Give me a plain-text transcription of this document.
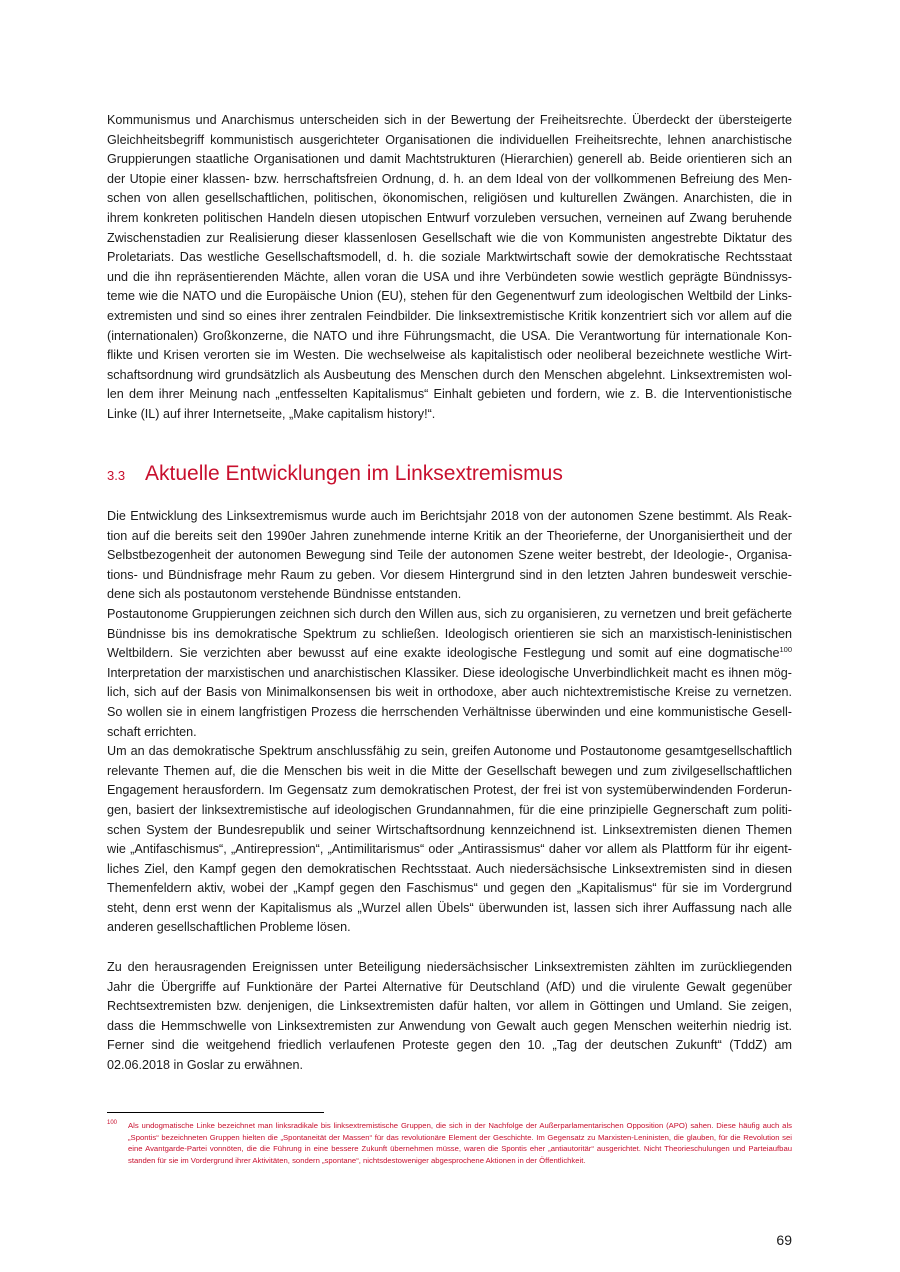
Kommunismus und Anarchismus unterscheiden sich in der Bewertung der Freiheitsrechte. Überdeckt der übersteigerte
Gleichheitsbegriff kommunistisch ausgerichteter Organisationen die individuellen Freiheitsrechte, lehnen anarchistische
Gruppierungen staatliche Organisationen und damit Machtstrukturen (Hierarchien) generell ab. Beide orientieren sich an
der Utopie einer klassen- bzw. herrschaftsfreien Ordnung, d. h. an dem Ideal von der vollkommenen Befreiung des Men-
schen von allen gesellschaftlichen, politischen, ökonomischen, religiösen und kulturellen Zwängen. Anarchisten, die in
ihrem konkreten politischen Handeln diesen utopischen Entwurf vorzuleben versuchen, verneinen auf Zwang beruhende
Zwischenstadien zur Realisierung dieser klassenlosen Gesellschaft wie die von Kommunisten angestrebte Diktatur des
Proletariats. Das westliche Gesellschaftsmodell, d. h. die soziale Marktwirtschaft sowie der demokratische Rechtsstaat
und die ihn repräsentierenden Mächte, allen voran die USA und ihre Verbündeten sowie westlich geprägte Bündnissys-
teme wie die NATO und die Europäische Union (EU), stehen für den Gegenentwurf zum ideologischen Weltbild der Links-
extremisten und sind so eines ihrer zentralen Feindbilder. Die linksextremistische Kritik konzentriert sich vor allem auf die
(internationalen) Großkonzerne, die NATO und ihre Führungsmacht, die USA. Die Verantwortung für internationale Kon-
flikte und Krisen verorten sie im Westen. Die wechselweise als kapitalistisch oder neoliberal bezeichnete westliche Wirt-
schaftsordnung wird grundsätzlich als Ausbeutung des Menschen durch den Menschen abgelehnt. Linksextremisten wol-
len dem ihrer Meinung nach „entfesselten Kapitalismus“ Einhalt gebieten und fordern, wie z. B. die Interventionistische
Linke (IL) auf ihrer Internetseite, „Make capitalism history!“.
3.3 Aktuelle Entwicklungen im Linksextremismus
Die Entwicklung des Linksextremismus wurde auch im Berichtsjahr 2018 von der autonomen Szene bestimmt. Als Reak-
tion auf die bereits seit den 1990er Jahren zunehmende interne Kritik an der Theorieferne, der Unorganisiertheit und der
Selbstbezogenheit der autonomen Bewegung sind Teile der autonomen Szene weiter bestrebt, der Ideologie-, Organisa-
tions- und Bündnisfrage mehr Raum zu geben. Vor diesem Hintergrund sind in den letzten Jahren bundesweit verschie-
dene sich als postautonom verstehende Bündnisse entstanden.
Postautonome Gruppierungen zeichnen sich durch den Willen aus, sich zu organisieren, zu vernetzen und breit gefächerte
Bündnisse bis ins demokratische Spektrum zu schließen. Ideologisch orientieren sie sich an marxistisch-leninistischen
Weltbildern. Sie verzichten aber bewusst auf eine exakte ideologische Festlegung und somit auf eine dogmatische$^{100}$
Interpretation der marxistischen und anarchistischen Klassiker. Diese ideologische Unverbindlichkeit macht es ihnen mög-
lich, sich auf der Basis von Minimalkonsensen bis weit in orthodoxe, aber auch nichtextremistische Kreise zu vernetzen.
So wollen sie in einem langfristigen Prozess die herrschenden Verhältnisse überwinden und eine kommunistische Gesell-
schaft errichten.
Um an das demokratische Spektrum anschlussfähig zu sein, greifen Autonome und Postautonome gesamtgesellschaftlich
relevante Themen auf, die die Menschen bis weit in die Mitte der Gesellschaft bewegen und zum zivilgesellschaftlichen
Engagement herausfordern. Im Gegensatz zum demokratischen Protest, der frei ist von systemüberwindenden Forderun-
gen, basiert der linksextremistische auf ideologischen Grundannahmen, für die eine prinzipielle Gegnerschaft zum politi-
schen System der Bundesrepublik und seiner Wirtschaftsordnung kennzeichnend ist. Linksextremisten dienen Themen
wie „Antifaschismus“, „Antirepression“, „Antimilitarismus“ oder „Antirassismus“ daher vor allem als Plattform für ihr eigent-
liches Ziel, den Kampf gegen den demokratischen Rechtsstaat. Auch niedersächsische Linksextremisten sind in diesen
Themenfeldern aktiv, wobei der „Kampf gegen den Faschismus“ und gegen den „Kapitalismus“ für sie im Vordergrund
steht, denn erst wenn der Kapitalismus als „Wurzel allen Übels“ überwunden ist, lassen sich ihrer Auffassung nach alle
anderen gesellschaftlichen Probleme lösen.
Zu den herausragenden Ereignissen unter Beteiligung niedersächsischer Linksextremisten zählten im zurückliegenden
Jahr die Übergriffe auf Funktionäre der Partei Alternative für Deutschland (AfD) und die virulente Gewalt gegenüber
Rechtsextremisten bzw. denjenigen, die Linksextremisten dafür halten, vor allem in Göttingen und Umland. Sie zeigen,
dass die Hemmschwelle von Linksextremisten zur Anwendung von Gewalt auch gegen Menschen weiterhin niedrig ist.
Ferner sind die weitgehend friedlich verlaufenen Proteste gegen den 10. „Tag der deutschen Zukunft“ (TddZ) am
02.06.2018 in Goslar zu erwähnen.
100 Als undogmatische Linke bezeichnet man linksradikale bis linksextremistische Gruppen, die sich in der Nachfolge der Außerparlamentarischen Opposition (APO) sahen. Diese häufig auch als „Spontis“ bezeichneten Gruppen hielten die „Spontaneität der Massen“ für das revolutionäre Element der Geschichte. Im Gegensatz zu Marxisten-Leninisten, die glauben, für die Revolution sei eine Avantgarde-Partei vonnöten, die die Führung in eine bessere Zukunft übernehmen müsse, waren die Spontis eher „antiautoritär“ ausgerichtet. Nicht Theorieschulungen und Parteiaufbau standen für sie im Vordergrund ihrer Aktivitäten, sondern „spontane“, nichtsdestoweniger abgesprochene Aktionen in der Öffentlichkeit.
69
